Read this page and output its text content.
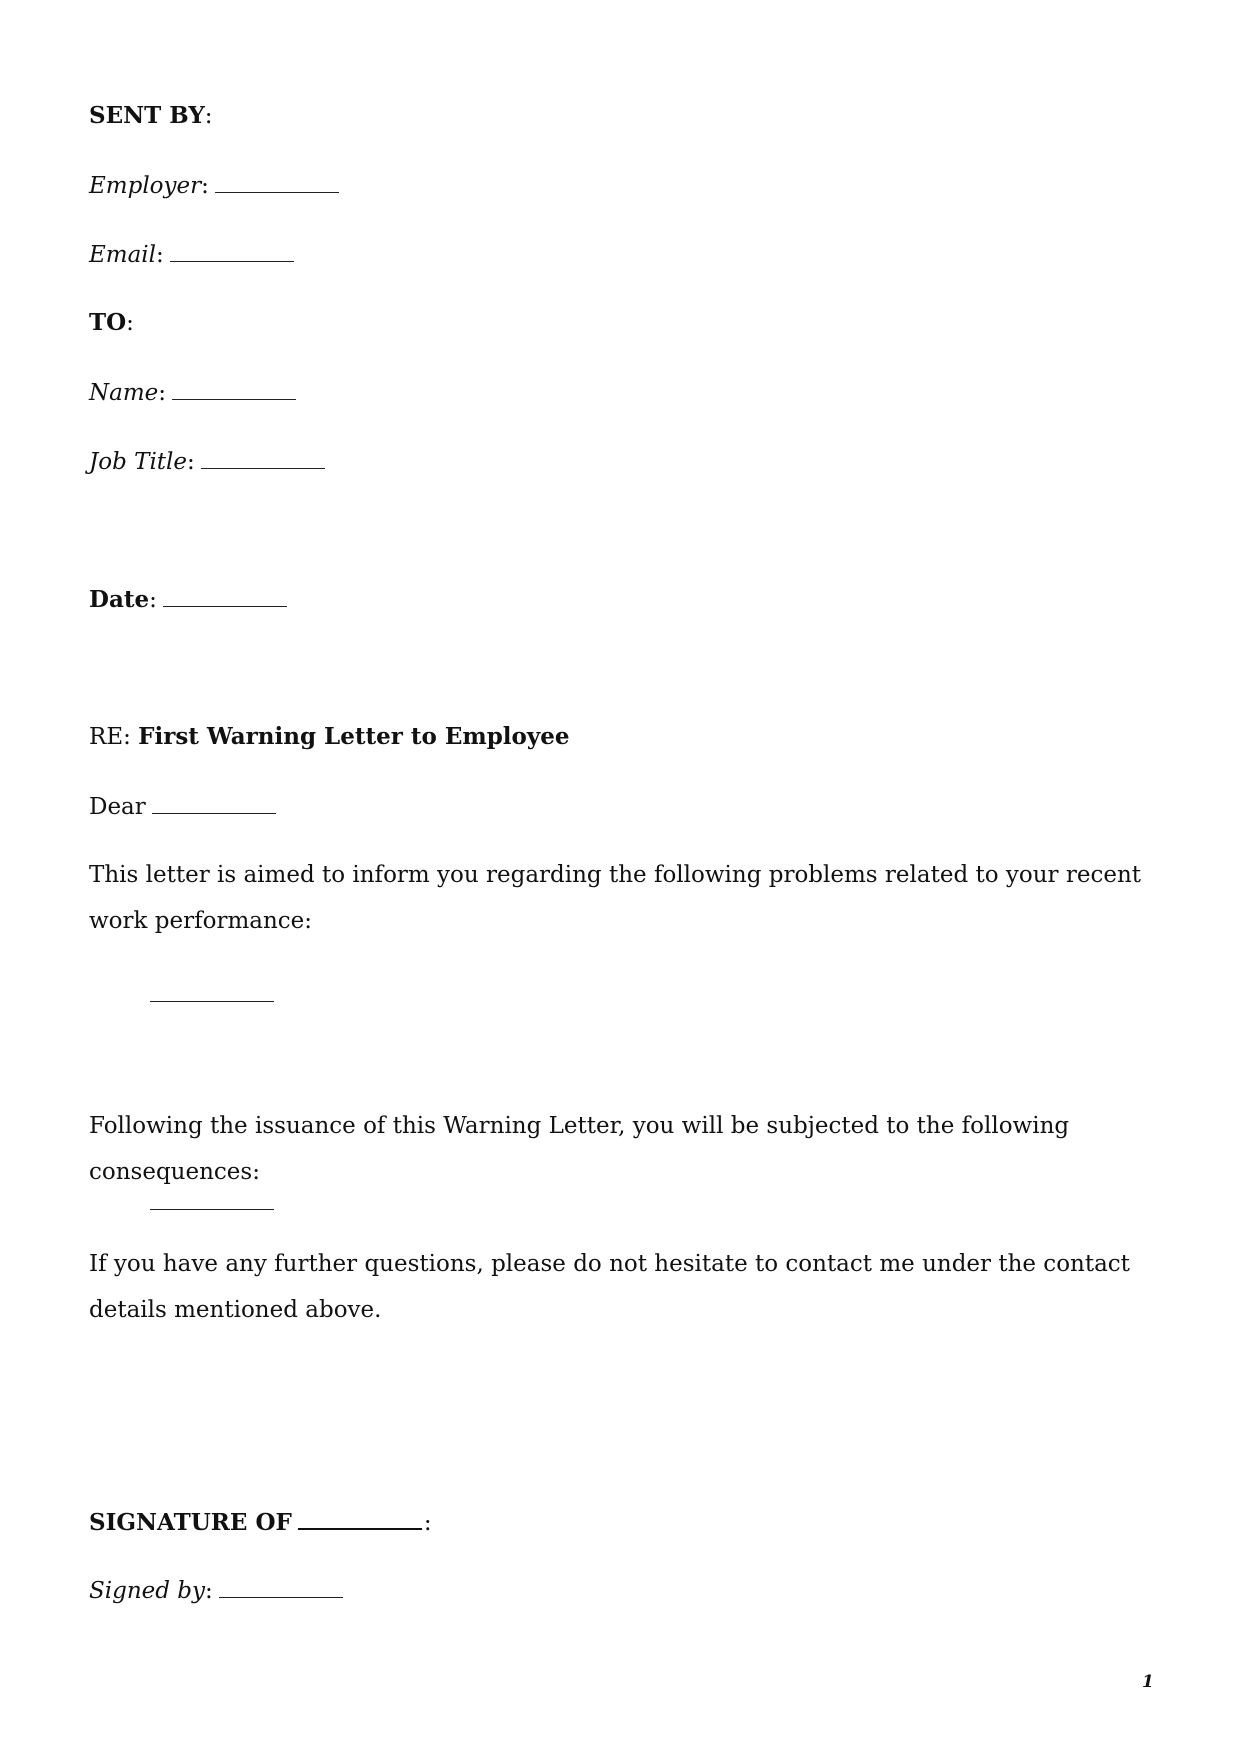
SENT BY:
Employer:
Email:
TO:
Name:
Job Title:
Date:
RE: First Warning Letter to Employee
Dear
This letter is aimed to inform you regarding the following problems related to your recent work performance:
Following the issuance of this Warning Letter, you will be subjected to the following consequences:
If you have any further questions, please do not hesitate to contact me under the contact details mentioned above.
SIGNATURE OF	:
Signed by:
1
